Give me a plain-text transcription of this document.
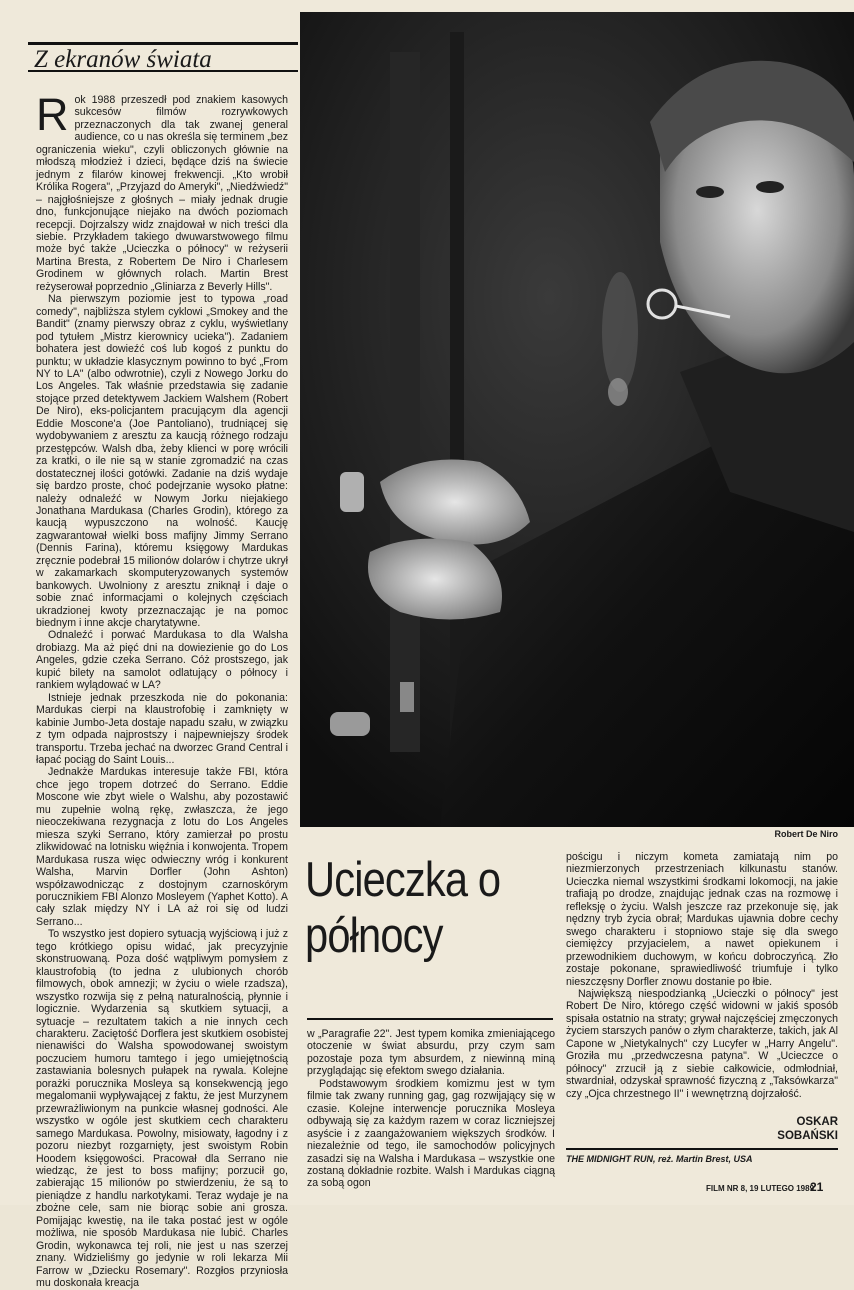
Z ekranów świata

Rok 1988 przeszedł pod znakiem kasowych sukcesów filmów rozrywkowych przeznaczonych dla tak zwanej general audience, co u nas określa się terminem „bez ograniczenia wieku", czyli obliczonych głównie na młodszą młodzież i dzieci, będące dziś na świecie jednym z filarów kinowej frekwencji. „Kto wrobił Królika Rogera", „Przyjazd do Ameryki", „Niedźwiedź" – najgłośniejsze z głośnych – miały jednak drugie dno, funkcjonujące niejako na dwóch poziomach recepcji. Dojrzalszy widz znajdował w nich treści dla siebie. Przykładem takiego dwuwarstwowego filmu może być także „Ucieczka o północy" w reżyserii Martina Bresta, z Robertem De Niro i Charlesem Grodinem w głównych rolach. Martin Brest reżyserował poprzednio „Gliniarza z Beverly Hills".

Na pierwszym poziomie jest to typowa „road comedy", najbliższa stylem cyklowi „Smokey and the Bandit" (znamy pierwszy obraz z cyklu, wyświetlany pod tytułem „Mistrz kierownicy ucieka"). Zadaniem bohatera jest dowieźć coś lub kogoś z punktu do punktu; w układzie klasycznym powinno to być „From NY to LA" (albo odwrotnie), czyli z Nowego Jorku do Los Angeles. Tak właśnie przedstawia się zadanie stojące przed detektywem Jackiem Walshem (Robert De Niro), eks-policjantem pracującym dla agencji Eddie Moscone'a (Joe Pantoliano), trudniącej się wydobywaniem z aresztu za kaucją różnego rodzaju przestępców. Walsh dba, żeby klienci w porę wrócili za kratki, o ile nie są w stanie zgromadzić na czas dostatecznej ilości gotówki. Zadanie na dziś wydaje się bardzo proste, choć podejrzanie wysoko płatne: należy odnaleźć w Nowym Jorku niejakiego Jonathana Mardukasa (Charles Grodin), którego za kaucją wypuszczono na wolność. Kaucję zagwarantował wielki boss mafijny Jimmy Serrano (Dennis Farina), któremu księgowy Mardukas zręcznie podebrał 15 milionów dolarów i chytrze ukrył w zakamarkach skomputeryzowanych systemów bankowych. Uwolniony z aresztu zniknął i daje o sobie znać informacjami o kolejnych częściach ukradzionej kwoty przeznaczając je na pomoc biednym i inne akcje charytatywne.

Odnaleźć i porwać Mardukasa to dla Walsha drobiazg. Ma aż pięć dni na dowiezienie go do Los Angeles, gdzie czeka Serrano. Cóż prostszego, jak kupić bilety na samolot odlatujący o północy i rankiem wylądować w LA?

Istnieje jednak przeszkoda nie do pokonania: Mardukas cierpi na klaustrofobię i zamknięty w kabinie Jumbo-Jeta dostaje napadu szału, w związku z tym odpada najprostszy i najpewniejszy środek transportu. Trzeba jechać na dworzec Grand Central i łapać pociąg do Saint Louis...

Jednakże Mardukas interesuje także FBI, która chce jego tropem dotrzeć do Serrano. Eddie Moscone wie zbyt wiele o Walshu, aby pozostawić mu zupełnie wolną rękę, zwłaszcza, że jego nieoczekiwana rezygnacja z lotu do Los Angeles miesza szyki Serrano, który zamierzał po prostu zlikwidować na lotnisku więźnia i konwojenta. Tropem Mardukasa rusza więc odwieczny wróg i konkurent Walsha, Marvin Dorfler (John Ashton) współzawodnicząc z dostojnym czarnoskórym porucznikiem FBI Alonzo Mosleyem (Yaphet Kotto). A cały szlak między NY i LA aż roi się od ludzi Serrano...

To wszystko jest dopiero sytuacją wyjściową i już z tego krótkiego opisu widać, jak precyzyjnie skonstruowaną. Poza dość wątpliwym pomysłem z klaustrofobią (to jedna z ulubionych chorób filmowych, obok amnezji; w życiu o wiele rzadsza), wszystko rozwija się z pełną naturalnością, płynnie i logicznie. Wydarzenia są skutkiem sytuacji, a sytuacje – rezultatem takich a nie innych cech charakteru. Zaciętość Dorflera jest skutkiem osobistej nienawiści do Walsha spowodowanej swoistym poczuciem humoru tamtego i jego umiejętnością zastawiania bolesnych pułapek na rywala. Kolejne porażki porucznika Mosleya są konsekwencją jego megalomanii wypływającej z faktu, że jest Murzynem przewrażliwionym na punkcie własnej godności. Ale wszystko w ogóle jest skutkiem cech charakteru samego Mardukasa. Powolny, misiowaty, łagodny i z pozoru niezbyt rozgarnięty, jest swoistym Robin Hoodem księgowości. Pracował dla Serrano nie wiedząc, że jest to boss mafijny; porzucił go, zabierając 15 milionów po stwierdzeniu, że są to pieniądze z handlu narkotykami. Teraz wydaje je na zbożne cele, sam nie biorąc sobie ani grosza. Pomijając kwestię, na ile taka postać jest w ogóle możliwa, nie sposób Mardukasa nie lubić. Charles Grodin, wykonawca tej roli, nie jest u nas szerzej znany. Widzieliśmy go jedynie w roli lekarza Mii Farrow w „Dziecku Rosemary". Rozgłos przyniosła mu doskonała kreacja

Robert De Niro
Ucieczka o północy

w „Paragrafie 22". Jest typem komika zmieniającego otoczenie w świat absurdu, przy czym sam pozostaje poza tym absurdem, z niewinną miną przyglądając się efektom swego działania.

Podstawowym środkiem komizmu jest w tym filmie tak zwany running gag, gag rozwijający się w czasie. Kolejne interwencje porucznika Mosleya odbywają się za każdym razem w coraz liczniejszej asyście i z zaangażowaniem większych środków. I niezależnie od tego, ile samochodów policyjnych zasadzi się na Walsha i Mardukasa – wszystkie one zostaną dokładnie rozbite. Walsh i Mardukas ciągną za sobą ogon

pościgu i niczym kometa zamiatają nim po niezmierzonych przestrzeniach kilkunastu stanów. Ucieczka niemal wszystkimi środkami lokomocji, na jakie trafiają po drodze, znajdując jednak czas na rozmowę i refleksję o życiu. Walsh jeszcze raz przekonuje się, jak nędzny tryb życia obrał; Mardukas ujawnia dobre cechy swego charakteru i stopniowo staje się dla swego ciemiężcy przyjacielem, a nawet opiekunem i przewodnikiem duchowym, w końcu dobroczyńcą. Zło zostaje pokonane, sprawiedliwość triumfuje i tylko nieszczęsny Dorfler znowu dostanie po łbie.

Największą niespodzianką „Ucieczki o północy" jest Robert De Niro, którego część widowni w jakiś sposób spisała ostatnio na straty; grywał najczęściej zmęczonych życiem starszych panów o złym charakterze, takich, jak Al Capone w „Nietykalnych" czy Lucyfer w „Harry Angelu". Groziła mu „przedwczesna patyna". W „Ucieczce o północy" zrzucił ją z siebie całkowicie, odmłodniał, stwardniał, odzyskał sprawność fizyczną z „Taksówkarza" czy „Ojca chrzestnego II" i wewnętrzną dojrzałość.

OSKAR
SOBAŃSKI
THE MIDNIGHT RUN, reż. Martin Brest, USA
FILM NR 8, 19 LUTEGO 1989
21
